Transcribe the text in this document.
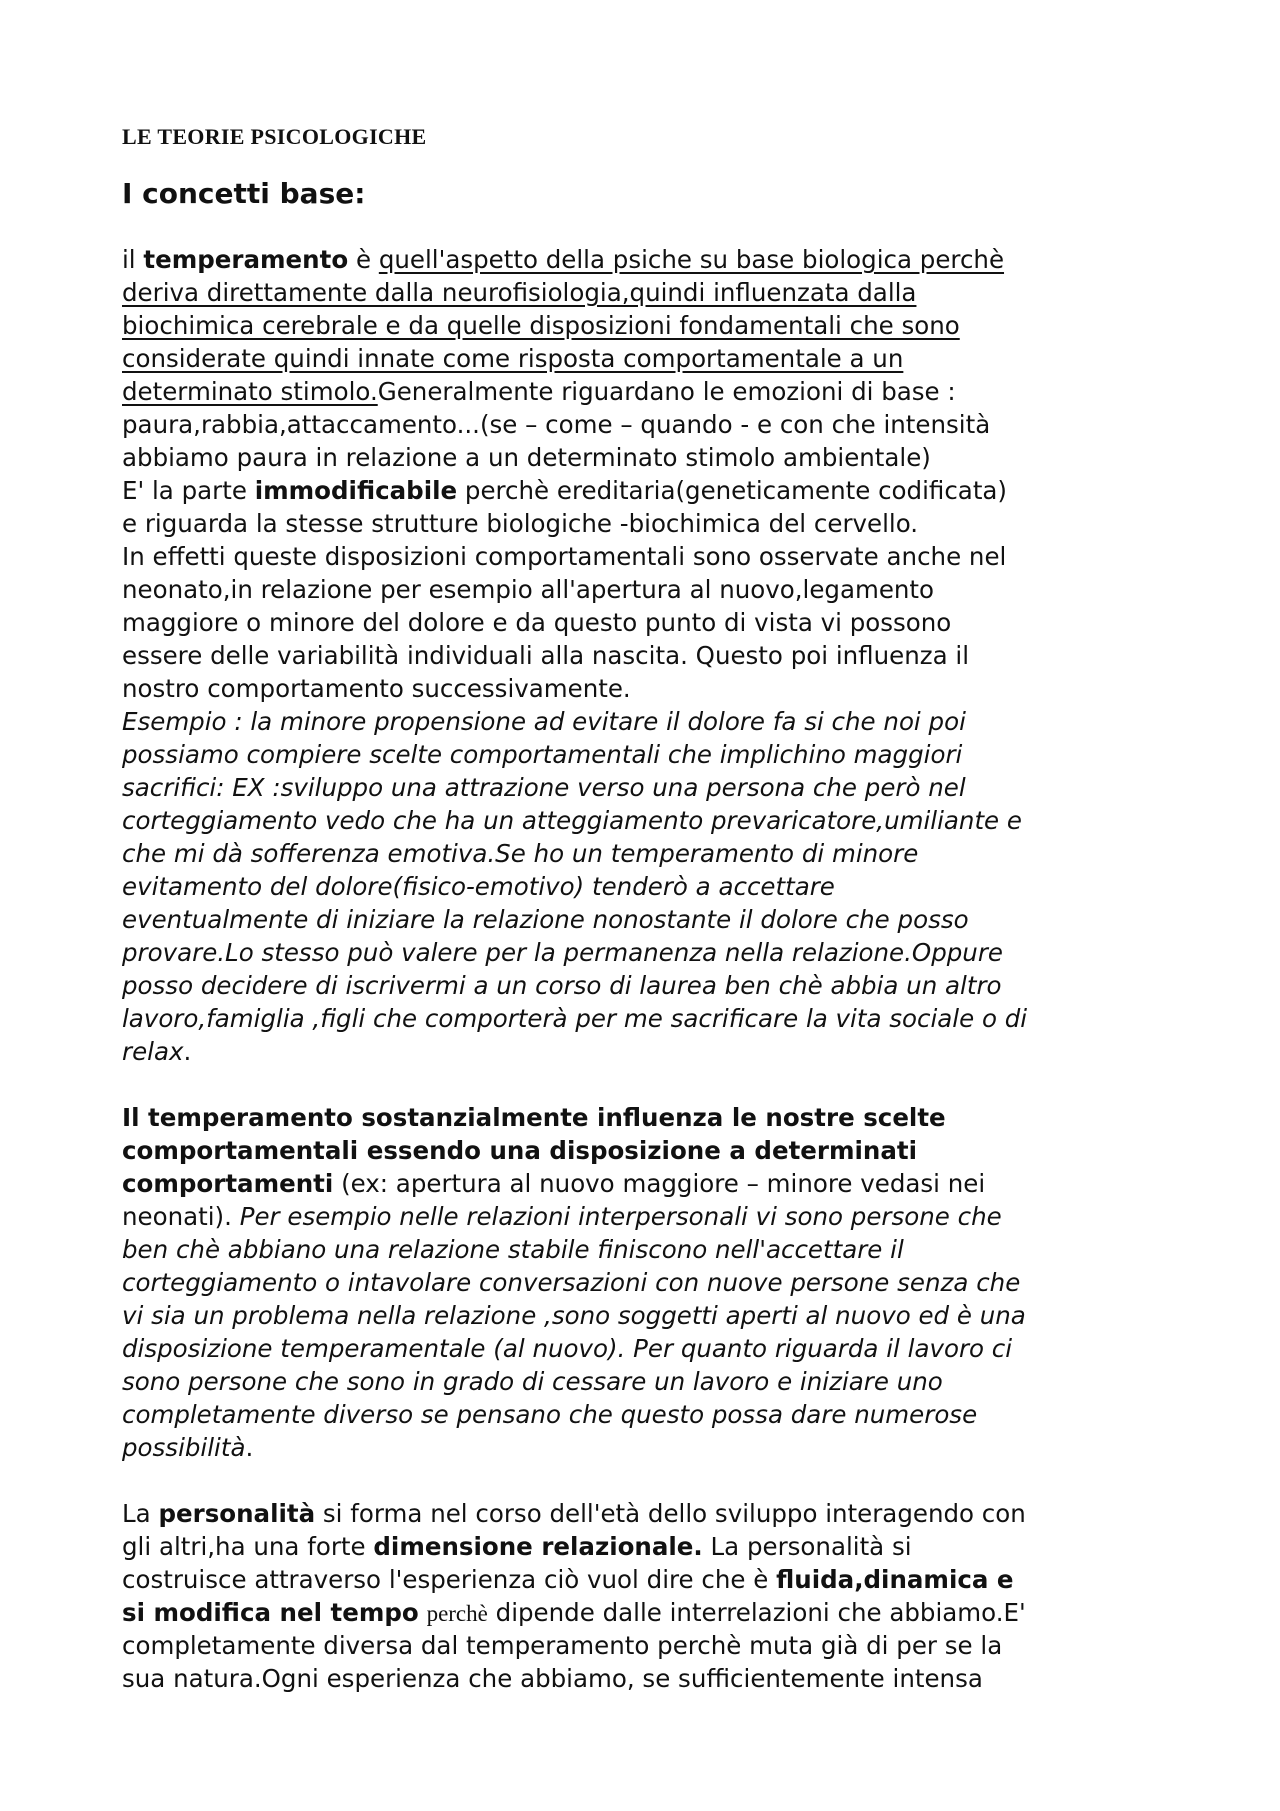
LE TEORIE PSICOLOGICHE
I concetti base:
il temperamento è quell'aspetto della psiche su base biologica perchè
deriva direttamente dalla neurofisiologia,quindi influenzata dalla
biochimica cerebrale e da quelle disposizioni fondamentali che sono
considerate quindi innate come risposta comportamentale a un
determinato stimolo.Generalmente riguardano le emozioni di base :
paura,rabbia,attaccamento...(se – come – quando - e con che intensità
abbiamo paura in relazione a un determinato stimolo ambientale)
E' la parte immodificabile perchè ereditaria(geneticamente codificata)
e riguarda la stesse strutture biologiche -biochimica del cervello.
In effetti queste disposizioni comportamentali sono osservate anche nel
neonato,in relazione per esempio all'apertura al nuovo,legamento
maggiore o minore del dolore e da questo punto di vista vi possono
essere delle variabilità individuali alla nascita. Questo poi influenza il
nostro comportamento successivamente.
Esempio : la minore propensione ad evitare il dolore fa si che noi poi
possiamo compiere scelte comportamentali che implichino maggiori
sacrifici: EX :sviluppo una attrazione verso una persona che però nel
corteggiamento vedo che ha un atteggiamento prevaricatore,umiliante e
che mi dà sofferenza emotiva.Se ho un temperamento di minore
evitamento del dolore(fisico-emotivo) tenderò a accettare
eventualmente di iniziare la relazione nonostante il dolore che posso
provare.Lo stesso può valere per la permanenza nella relazione.Oppure
posso decidere di iscrivermi a un corso di laurea ben chè abbia un altro
lavoro,famiglia ,figli che comporterà per me sacrificare la vita sociale o di
relax.
Il temperamento sostanzialmente influenza le nostre scelte
comportamentali essendo una disposizione a determinati
comportamenti (ex: apertura al nuovo maggiore – minore vedasi nei
neonati). Per esempio nelle relazioni interpersonali vi sono persone che
ben chè abbiano una relazione stabile finiscono nell'accettare il
corteggiamento o intavolare conversazioni con nuove persone senza che
vi sia un problema nella relazione ,sono soggetti aperti al nuovo ed è una
disposizione temperamentale (al nuovo). Per quanto riguarda il lavoro ci
sono persone che sono in grado di cessare un lavoro e iniziare uno
completamente diverso se pensano che questo possa dare numerose
possibilità.
La personalità si forma nel corso dell'età dello sviluppo interagendo con
gli altri,ha una forte dimensione relazionale. La personalità si
costruisce attraverso l'esperienza ciò vuol dire che è fluida,dinamica e
si modifica nel tempo perchè dipende dalle interrelazioni che abbiamo.E'
completamente diversa dal temperamento perchè muta già di per se la
sua natura.Ogni esperienza che abbiamo, se sufficientemente intensa
